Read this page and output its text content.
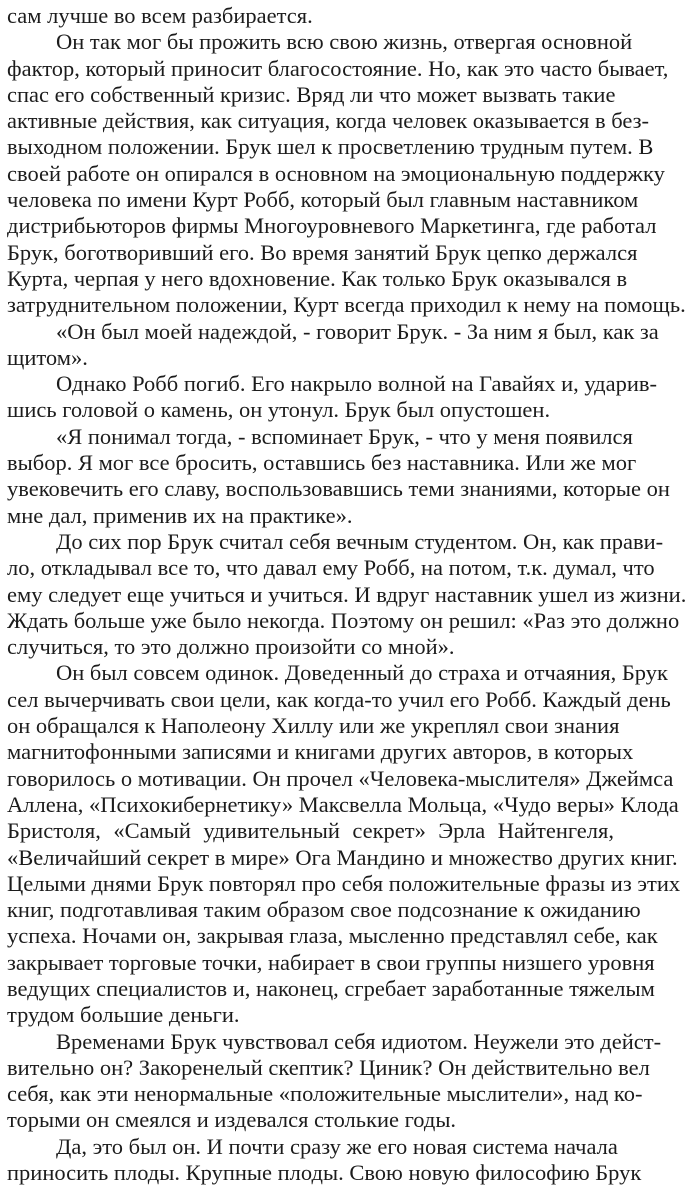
сам лучше во всем разбирается.
Он так мог бы прожить всю свою жизнь, отвергая основной
фактор, который приносит благосостояние. Но, как это часто бывает,
спас его собственный кризис. Вряд ли что может вызвать такие
активные действия, как ситуация, когда человек оказывается в без-
выходном положении. Брук шел к просветлению трудным путем. В
своей работе он опирался в основном на эмоциональную поддержку
человека по имени Курт Робб, который был главным наставником
дистрибьюторов фирмы Многоуровневого Маркетинга, где работал
Брук, боготворивший его. Во время занятий Брук цепко держался
Курта, черпая у него вдохновение. Как только Брук оказывался в
затруднительном положении, Курт всегда приходил к нему на помощь.
«Он был моей надеждой, - говорит Брук. - За ним я был, как за
щитом».
Однако Робб погиб. Его накрыло волной на Гавайях и, ударив-
шись головой о камень, он утонул. Брук был опустошен.
«Я понимал тогда, - вспоминает Брук, - что у меня появился
выбор. Я мог все бросить, оставшись без наставника. Или же мог
увековечить его славу, воспользовавшись теми знаниями, которые он
мне дал, применив их на практике».
До сих пор Брук считал себя вечным студентом. Он, как прави-
ло, откладывал все то, что давал ему Робб, на потом, т.к. думал, что
ему следует еще учиться и учиться. И вдруг наставник ушел из жизни.
Ждать больше уже было некогда. Поэтому он решил: «Раз это должно
случиться, то это должно произойти со мной».
Он был совсем одинок. Доведенный до страха и отчаяния, Брук
сел вычерчивать свои цели, как когда-то учил его Робб. Каждый день
он обращался к Наполеону Хиллу или же укреплял свои знания
магнитофонными записями и книгами других авторов, в которых
говорилось о мотивации. Он прочел «Человека-мыслителя» Джеймса
Аллена, «Психокибернетику» Максвелла Мольца, «Чудо веры» Клода
Бристоля, «Самый удивительный секрет» Эрла Найтенгеля,
«Величайший секрет в мире» Ога Мандино и множество других книг.
Целыми днями Брук повторял про себя положительные фразы из этих
книг, подготавливая таким образом свое подсознание к ожиданию
успеха. Ночами он, закрывая глаза, мысленно представлял себе, как
закрывает торговые точки, набирает в свои группы низшего уровня
ведущих специалистов и, наконец, сгребает заработанные тяжелым
трудом большие деньги.
Временами Брук чувствовал себя идиотом. Неужели это дейст-
вительно он? Закоренелый скептик? Циник? Он действительно вел
себя, как эти ненормальные «положительные мыслители», над ко-
торыми он смеялся и издевался столькие годы.
Да, это был он. И почти сразу же его новая система начала
приносить плоды. Крупные плоды. Свою новую философию Брук
